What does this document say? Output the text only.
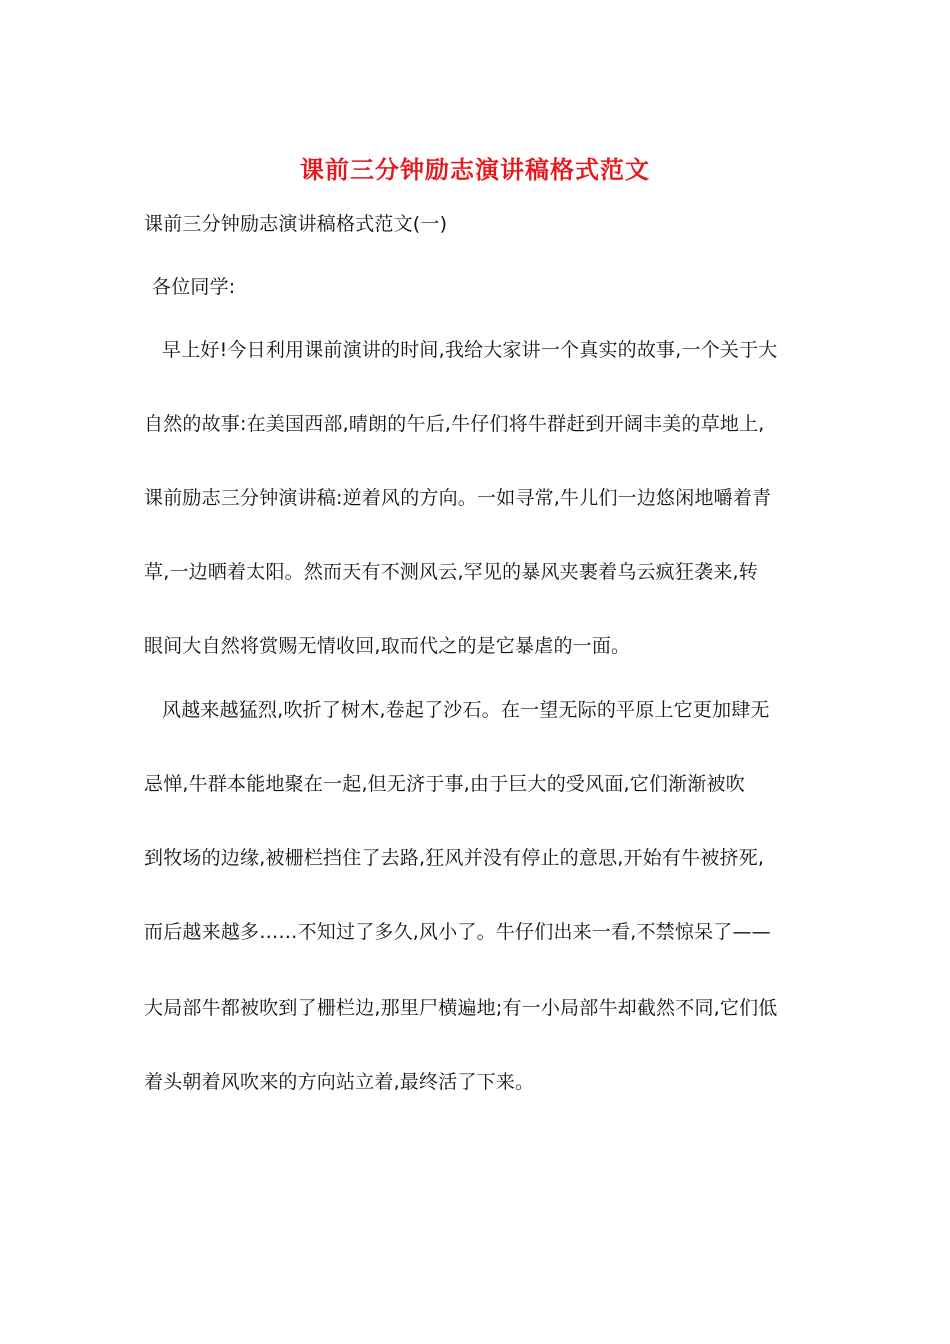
课前三分钟励志演讲稿格式范文
课前三分钟励志演讲稿格式范文(一)
各位同学:
早上好!今日利用课前演讲的时间,我给大家讲一个真实的故事,一个关于大
自然的故事:在美国西部,晴朗的午后,牛仔们将牛群赶到开阔丰美的草地上,
课前励志三分钟演讲稿:逆着风的方向。一如寻常,牛儿们一边悠闲地嚼着青
草,一边晒着太阳。然而天有不测风云,罕见的暴风夹裹着乌云疯狂袭来,转
眼间大自然将赏赐无情收回,取而代之的是它暴虐的一面。
风越来越猛烈,吹折了树木,卷起了沙石。在一望无际的平原上它更加肆无
忌惮,牛群本能地聚在一起,但无济于事,由于巨大的受风面,它们渐渐被吹
到牧场的边缘,被栅栏挡住了去路,狂风并没有停止的意思,开始有牛被挤死,
而后越来越多……不知过了多久,风小了。牛仔们出来一看,不禁惊呆了——
大局部牛都被吹到了栅栏边,那里尸横遍地;有一小局部牛却截然不同,它们低
着头朝着风吹来的方向站立着,最终活了下来。
